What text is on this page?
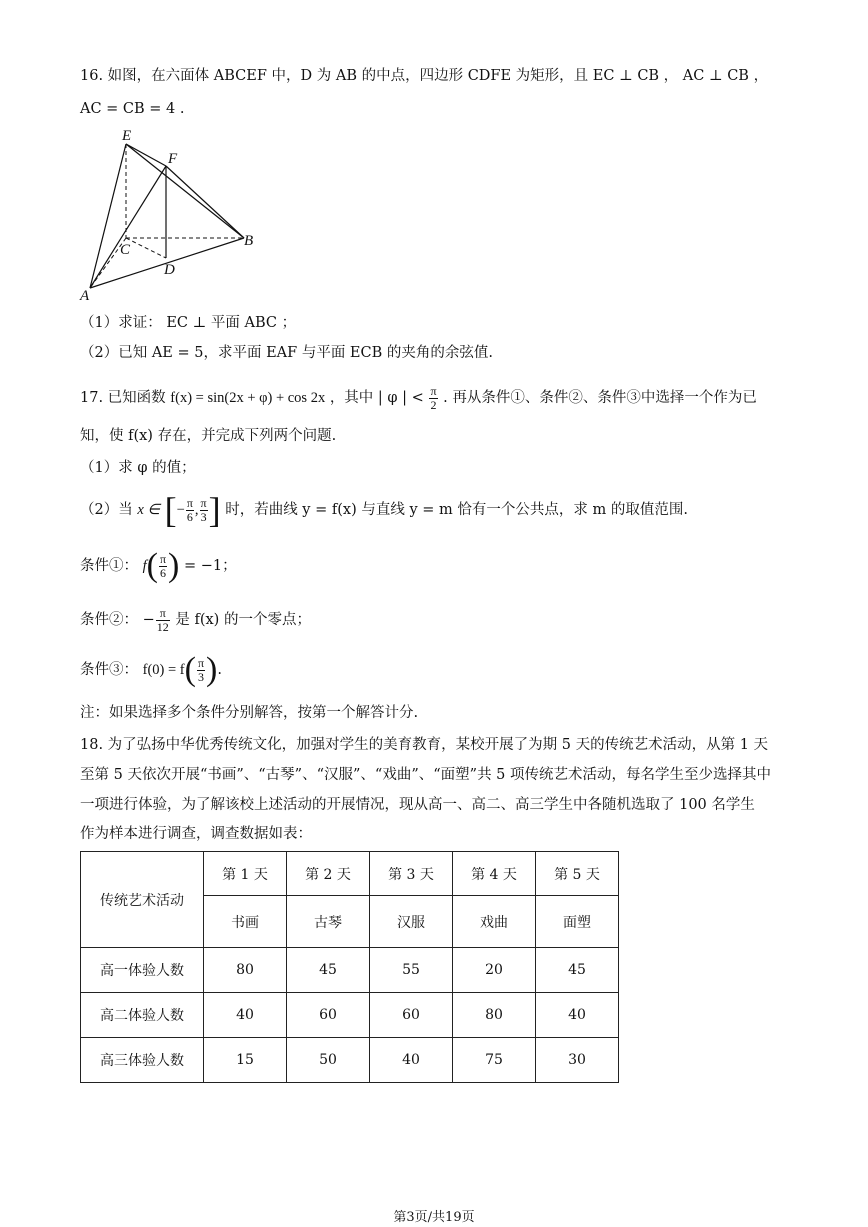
16. 如图，在六面体 ABCEF 中，D 为 AB 的中点，四边形 CDFE 为矩形，且 EC ⊥ CB ， AC ⊥ CB ，
AC = CB = 4 .
E
F
C
D
B
A
（1）求证： EC ⊥ 平面 ABC ；
（2）已知 AE = 5，求平面 EAF 与平面 ECB 的夹角的余弦值.
17. 已知函数 f(x) = sin(2x + φ) + cos 2x ，其中 | φ | < $\frac{\pi}{2}$ . 再从条件①、条件②、条件③中选择一个作为已
知，使 f(x) 存在，并完成下列两个问题.
（1）求 φ 的值；
（2）当 x ∈ [− $\frac{\pi}{6}$ , $\frac{\pi}{3}$ ] 时，若曲线 y = f(x) 与直线 y = m 恰有一个公共点，求 m 的取值范围.
条件①： $f( \frac{\pi}{6}$ ) = −1；
条件②： − $\frac{\pi}{12}$ 是 f(x) 的一个零点；
条件③： $f(0) = f( \frac{\pi}{3}$ ).
注：如果选择多个条件分别解答，按第一个解答计分.
18. 为了弘扬中华优秀传统文化，加强对学生的美育教育，某校开展了为期 5 天的传统艺术活动，从第 1 天
至第 5 天依次开展“书画”、“古琴”、“汉服”、“戏曲”、“面塑”共 5 项传统艺术活动，每名学生至少选择其中
一项进行体验，为了解该校上述活动的开展情况，现从高一、高二、高三学生中各随机选取了 100 名学生
作为样本进行调查，调查数据如表：
传统艺术活动	第 1 天	第 2 天	第 3 天	第 4 天	第 5 天
	书画	古琴	汉服	戏曲	面塑
高一体验人数	80	45	55	20	45
高二体验人数	40	60	60	80	40
高三体验人数	15	50	40	75	30
第3页/共19页
